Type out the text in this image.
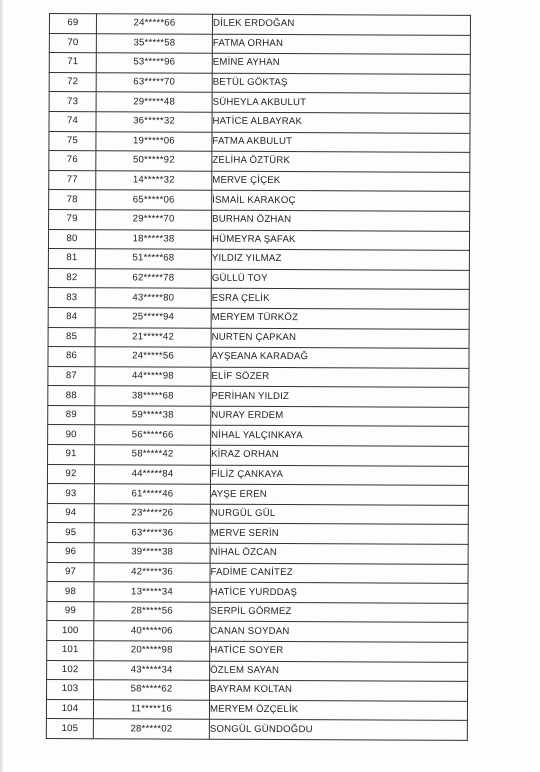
69	24*****66	DİLEK ERDOĞAN
70	35*****58	FATMA ORHAN
71	53*****96	EMİNE AYHAN
72	63*****70	BETÜL GÖKTAŞ
73	29*****48	SÜHEYLA AKBULUT
74	36*****32	HATİCE ALBAYRAK
75	19*****06	FATMA AKBULUT
76	50*****92	ZELİHA ÖZTÜRK
77	14*****32	MERVE ÇİÇEK
78	65*****06	İSMAİL KARAKOÇ
79	29*****70	BURHAN ÖZHAN
80	18*****38	HÜMEYRA ŞAFAK
81	51*****68	YILDIZ YILMAZ
82	62*****78	GÜLLÜ TOY
83	43*****80	ESRA ÇELİK
84	25*****94	MERYEM TÜRKÖZ
85	21*****42	NURTEN ÇAPKAN
86	24*****56	AYŞEANA KARADAĞ
87	44*****98	ELİF SÖZER
88	38*****68	PERİHAN YILDIZ
89	59*****38	NURAY ERDEM
90	56*****66	NİHAL YALÇINKAYA
91	58*****42	KİRAZ ORHAN
92	44*****84	FİLİZ ÇANKAYA
93	61*****46	AYŞE EREN
94	23*****26	NURGÜL GÜL
95	63*****36	MERVE SERİN
96	39*****38	NİHAL ÖZCAN
97	42*****36	FADİME CANİTEZ
98	13*****34	HATİCE YURDDAŞ
99	28*****56	SERPİL GÖRMEZ
100	40*****06	CANAN SOYDAN
101	20*****98	HATİCE SOYER
102	43*****34	ÖZLEM SAYAN
103	58*****62	BAYRAM KOLTAN
104	11*****16	MERYEM ÖZÇELİK
105	28*****02	SONGÜL GÜNDOĞDU
